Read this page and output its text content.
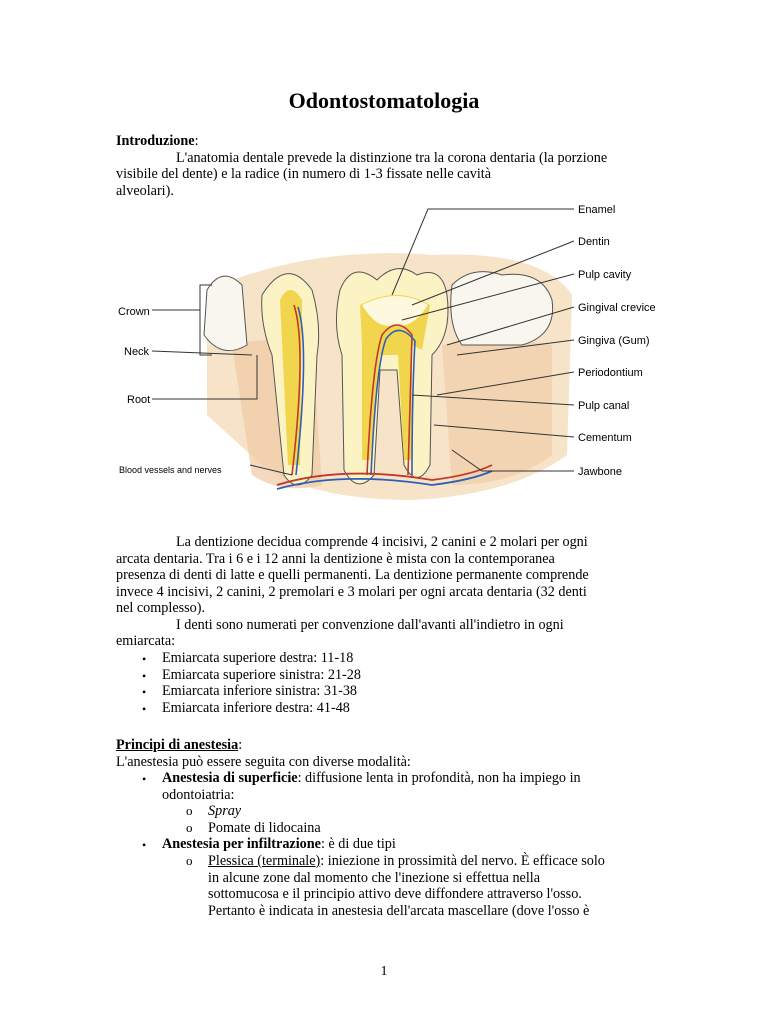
Odontostomatologia
Introduzione:
L'anatomia dentale prevede la distinzione tra la corona dentaria (la porzione
visibile del dente) e la radice (in numero di 1-3 fissate nelle cavità
alveolari).
Crown
Neck
Root
Blood vessels and nerves
Enamel
Dentin
Pulp cavity
Gingival crevice
Gingiva (Gum)
Periodontium
Pulp canal
Cementum
Jawbone
La dentizione decidua comprende 4 incisivi, 2 canini e 2 molari per ogni
arcata dentaria. Tra i 6 e i 12 anni la dentizione è mista con la contemporanea
presenza di denti di latte e quelli permanenti. La dentizione permanente comprende
invece 4 incisivi, 2 canini, 2 premolari e 3 molari per ogni arcata dentaria (32 denti
nel complesso).
I denti sono numerati per convenzione dall'avanti all'indietro in ogni
emiarcata:
• Emiarcata superiore destra: 11-18
• Emiarcata superiore sinistra: 21-28
• Emiarcata inferiore sinistra: 31-38
• Emiarcata inferiore destra: 41-48
Principi di anestesia:
L'anestesia può essere seguita con diverse modalità:
• Anestesia di superficie: diffusione lenta in profondità, non ha impiego in
odontoiatria:
o Spray
o Pomate di lidocaina
• Anestesia per infiltrazione: è di due tipi
o Plessica (terminale): iniezione in prossimità del nervo. È efficace solo
in alcune zone dal momento che l'inezione si effettua nella
sottomucosa e il principio attivo deve diffondere attraverso l'osso.
Pertanto è indicata in anestesia dell'arcata mascellare (dove l'osso è
1
